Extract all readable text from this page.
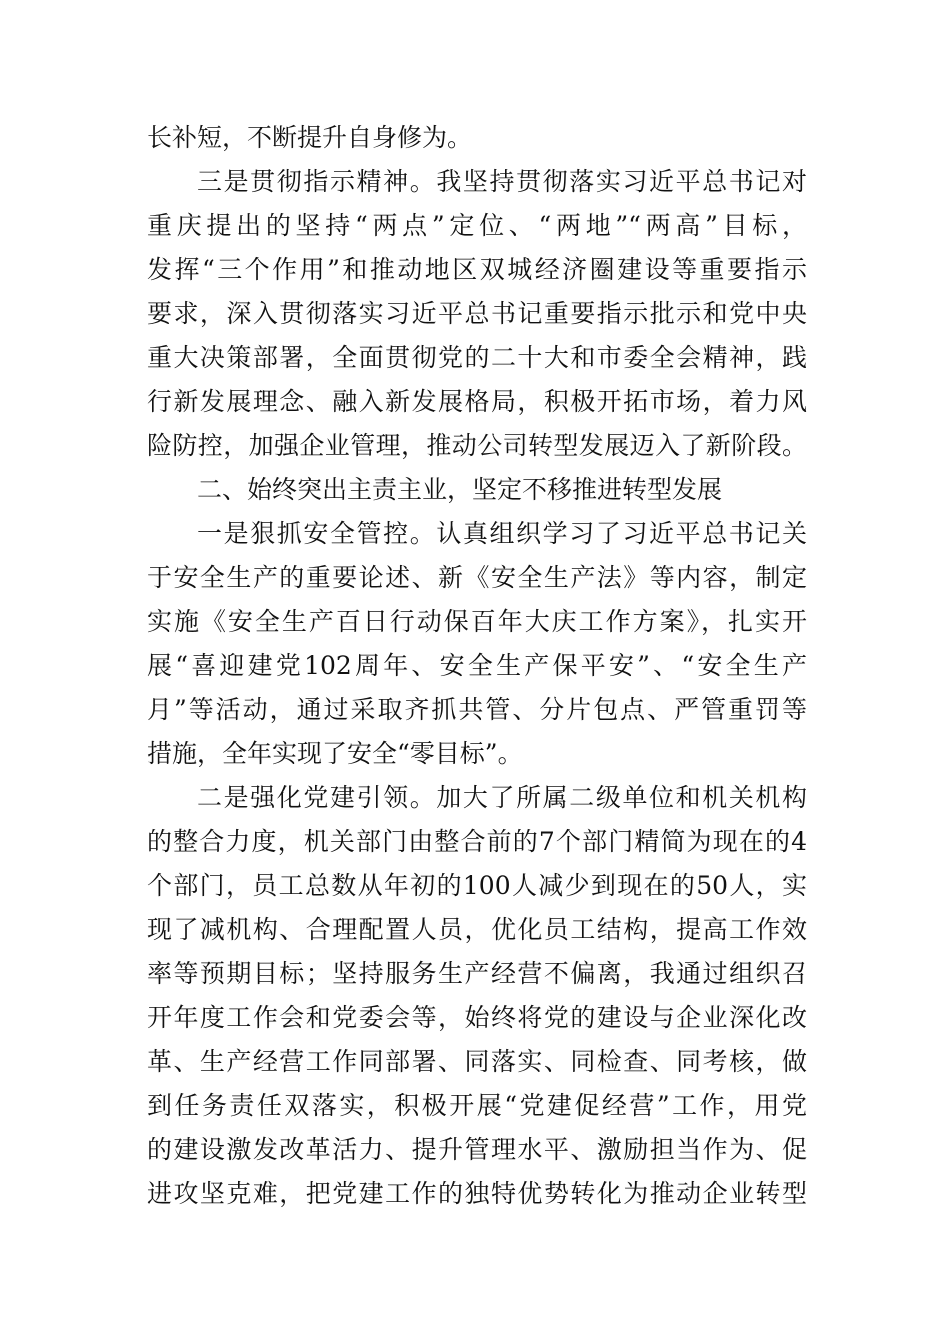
长补短，不断提升自身修为。
三是贯彻指示精神。我坚持贯彻落实习近平总书记对
重庆提出的坚持“两点”定位、“两地”“两高”目标，
发挥“三个作用”和推动地区双城经济圈建设等重要指示
要求，深入贯彻落实习近平总书记重要指示批示和党中央
重大决策部署，全面贯彻党的二十大和市委全会精神，践
行新发展理念、融入新发展格局，积极开拓市场，着力风
险防控，加强企业管理，推动公司转型发展迈入了新阶段。
二、始终突出主责主业，坚定不移推进转型发展
一是狠抓安全管控。认真组织学习了习近平总书记关
于安全生产的重要论述、新《安全生产法》等内容，制定
实施《安全生产百日行动保百年大庆工作方案》，扎实开
展“喜迎建党102周年、安全生产保平安”、“安全生产
月”等活动，通过采取齐抓共管、分片包点、严管重罚等
措施，全年实现了安全“零目标”。
二是强化党建引领。加大了所属二级单位和机关机构
的整合力度，机关部门由整合前的7个部门精简为现在的4
个部门，员工总数从年初的100人减少到现在的50人，实
现了减机构、合理配置人员，优化员工结构，提高工作效
率等预期目标；坚持服务生产经营不偏离，我通过组织召
开年度工作会和党委会等，始终将党的建设与企业深化改
革、生产经营工作同部署、同落实、同检查、同考核，做
到任务责任双落实，积极开展“党建促经营”工作，用党
的建设激发改革活力、提升管理水平、激励担当作为、促
进攻坚克难，把党建工作的独特优势转化为推动企业转型
